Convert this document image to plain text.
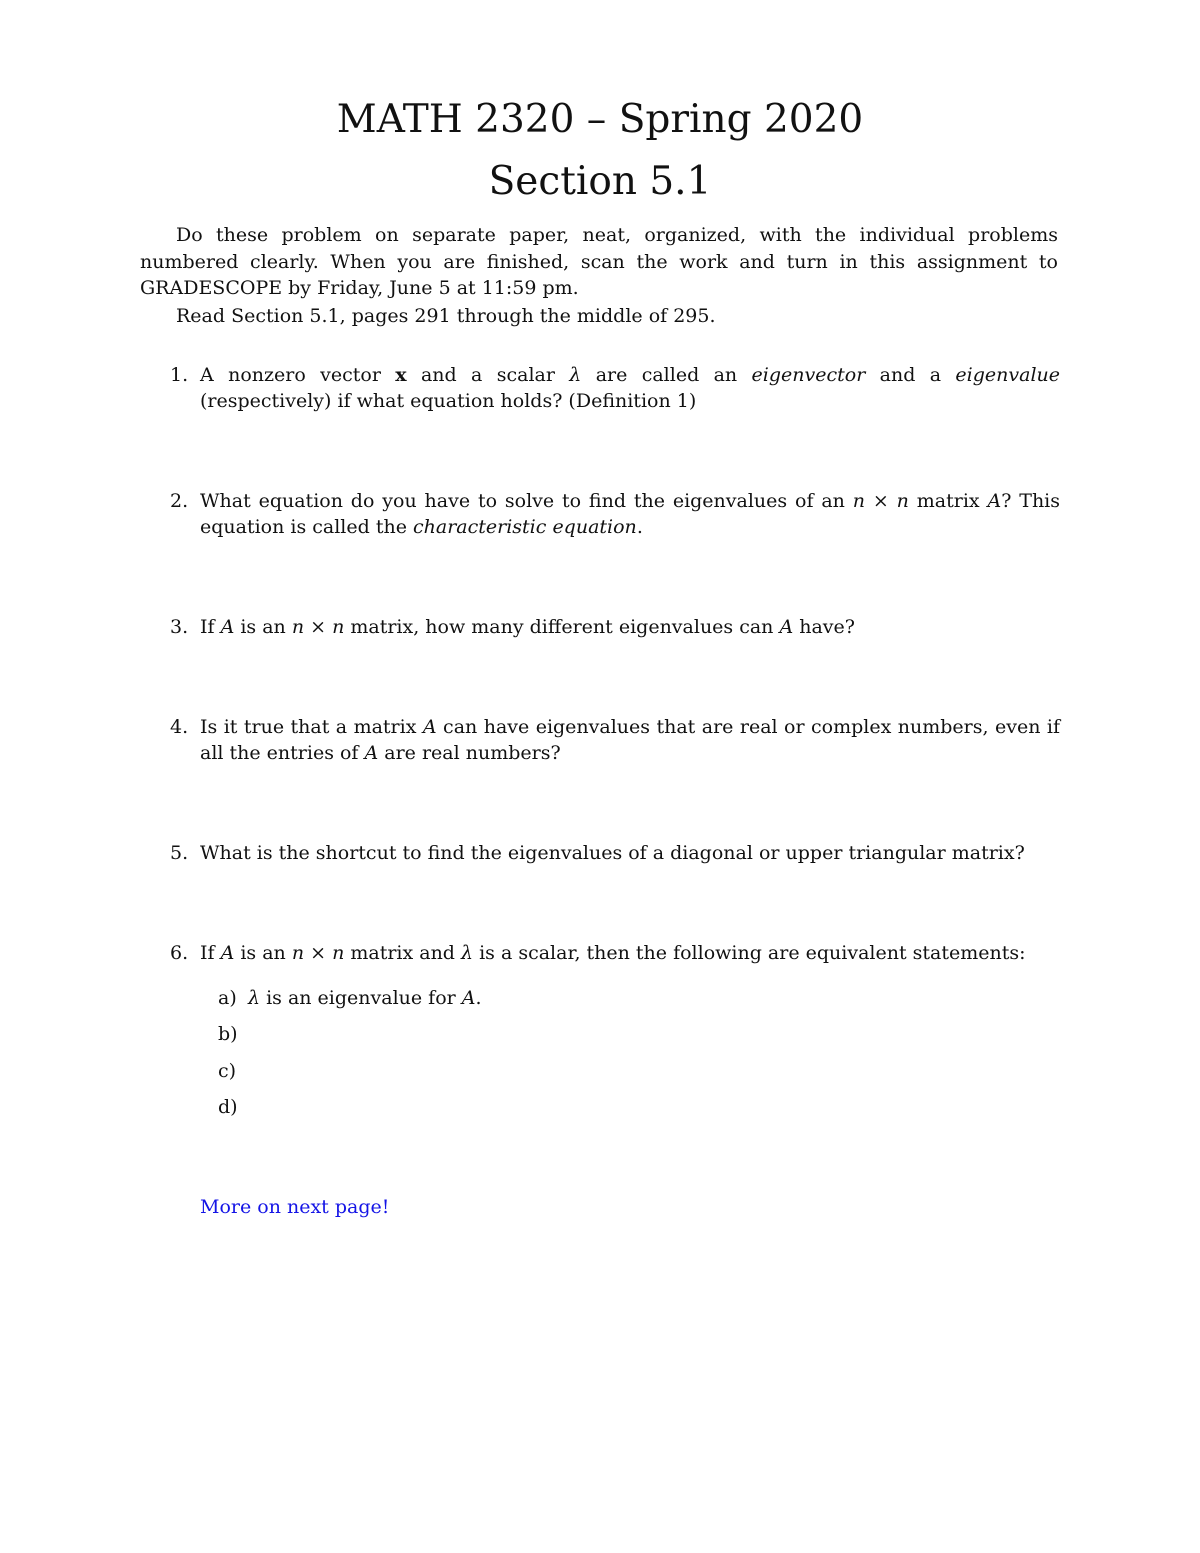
MATH 2320 – Spring 2020
Section 5.1

Do these problem on separate paper, neat, organized, with the individual problems numbered clearly. When you are finished, scan the work and turn in this assignment to GRADESCOPE by Friday, June 5 at 11:59 pm.

Read Section 5.1, pages 291 through the middle of 295.

1. A nonzero vector x and a scalar λ are called an eigenvector and a eigenvalue (respectively) if what equation holds? (Definition 1)
2. What equation do you have to solve to find the eigenvalues of an n × n matrix A? This equation is called the characteristic equation.
3. If A is an n × n matrix, how many different eigenvalues can A have?
4. Is it true that a matrix A can have eigenvalues that are real or complex numbers, even if all the entries of A are real numbers?
5. What is the shortcut to find the eigenvalues of a diagonal or upper triangular matrix?
6. If A is an n × n matrix and λ is a scalar, then the following are equivalent statements:
a) λ is an eigenvalue for A.
b)
c)
d)
More on next page!
